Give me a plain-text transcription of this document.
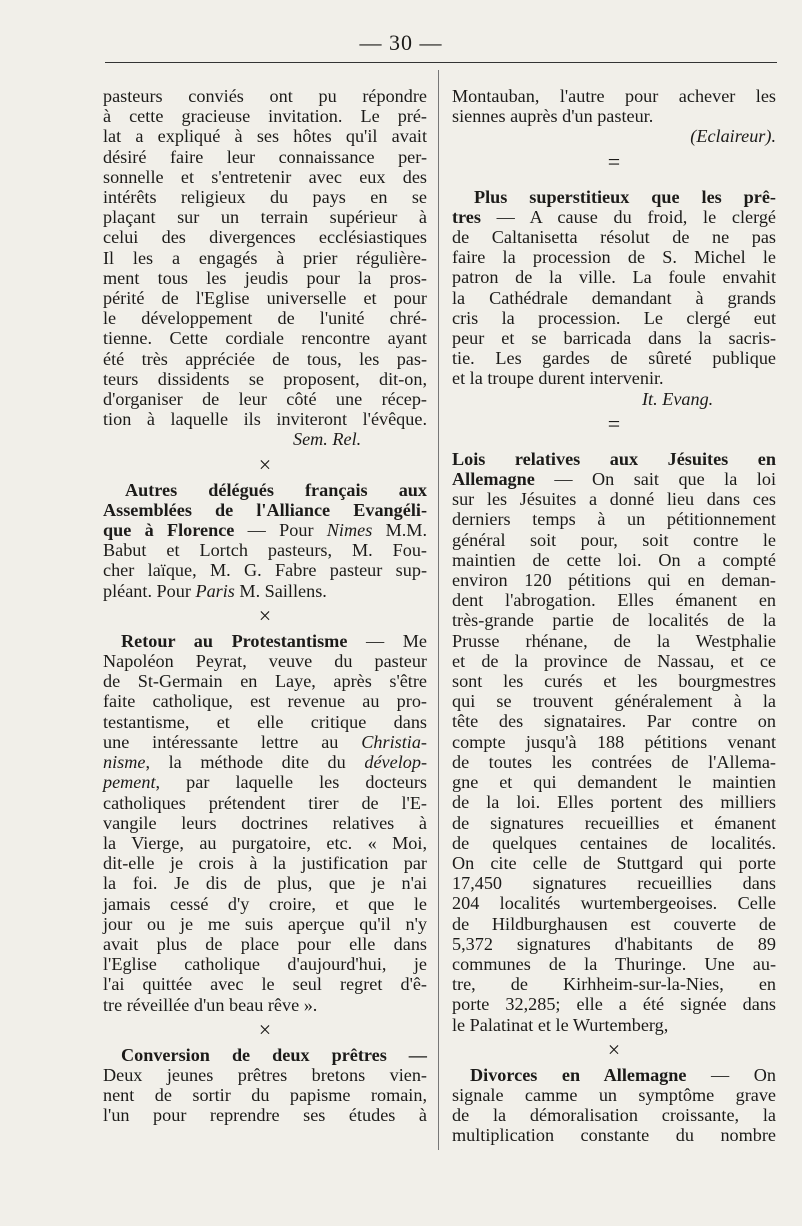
— 30 —
pasteurs conviés ont pu répondre
à cette gracieuse invitation. Le pré-
lat a expliqué à ses hôtes qu'il avait
désiré faire leur connaissance per-
sonnelle et s'entretenir avec eux des
intérêts religieux du pays en se
plaçant sur un terrain supérieur à
celui des divergences ecclésiastiques
Il les a engagés à prier régulière-
ment tous les jeudis pour la pros-
périté de l'Eglise universelle et pour
le développement de l'unité chré-
tienne. Cette cordiale rencontre ayant
été très appréciée de tous, les pas-
teurs dissidents se proposent, dit-on,
d'organiser de leur côté une récep-
tion à laquelle ils inviteront l'évêque.
Sem. Rel.
×
Autres délégués français aux
Assemblées de l'Alliance Evangéli-
que à Florence — Pour Nimes M.M.
Babut et Lortch pasteurs, M. Fou-
cher laïque, M. G. Fabre pasteur sup-
pléant. Pour Paris M. Saillens.
×
Retour au Protestantisme — Me
Napoléon Peyrat, veuve du pasteur
de St-Germain en Laye, après s'être
faite catholique, est revenue au pro-
testantisme, et elle critique dans
une intéressante lettre au Christia-
nisme, la méthode dite du dévelop-
pement, par laquelle les docteurs
catholiques prétendent tirer de l'E-
vangile leurs doctrines relatives à
la Vierge, au purgatoire, etc. « Moi,
dit-elle je crois à la justification par
la foi. Je dis de plus, que je n'ai
jamais cessé d'y croire, et que le
jour ou je me suis aperçue qu'il n'y
avait plus de place pour elle dans
l'Eglise catholique d'aujourd'hui, je
l'ai quittée avec le seul regret d'ê-
tre réveillée d'un beau rêve ».
×
Conversion de deux prêtres —
Deux jeunes prêtres bretons vien-
nent de sortir du papisme romain,
l'un pour reprendre ses études à
Montauban, l'autre pour achever les
siennes auprès d'un pasteur.
(Eclaireur).
=
Plus superstitieux que les prê-
tres — A cause du froid, le clergé
de Caltanisetta résolut de ne pas
faire la procession de S. Michel le
patron de la ville. La foule envahit
la Cathédrale demandant à grands
cris la procession. Le clergé eut
peur et se barricada dans la sacris-
tie. Les gardes de sûreté publique
et la troupe durent intervenir.
It. Evang.
=
Lois relatives aux Jésuites en
Allemagne — On sait que la loi
sur les Jésuites a donné lieu dans ces
derniers temps à un pétitionnement
général soit pour, soit contre le
maintien de cette loi. On a compté
environ 120 pétitions qui en deman-
dent l'abrogation. Elles émanent en
très-grande partie de localités de la
Prusse rhénane, de la Westphalie
et de la province de Nassau, et ce
sont les curés et les bourgmestres
qui se trouvent généralement à la
tête des signataires. Par contre on
compte jusqu'à 188 pétitions venant
de toutes les contrées de l'Allema-
gne et qui demandent le maintien
de la loi. Elles portent des milliers
de signatures recueillies et émanent
de quelques centaines de localités.
On cite celle de Stuttgard qui porte
17,450 signatures recueillies dans
204 localités wurtembergeoises. Celle
de Hildburghausen est couverte de
5,372 signatures d'habitants de 89
communes de la Thuringe. Une au-
tre, de Kirhheim-sur-la-Nies, en
porte 32,285; elle a été signée dans
le Palatinat et le Wurtemberg,
×
Divorces en Allemagne — On
signale camme un symptôme grave
de la démoralisation croissante, la
multiplication constante du nombre
